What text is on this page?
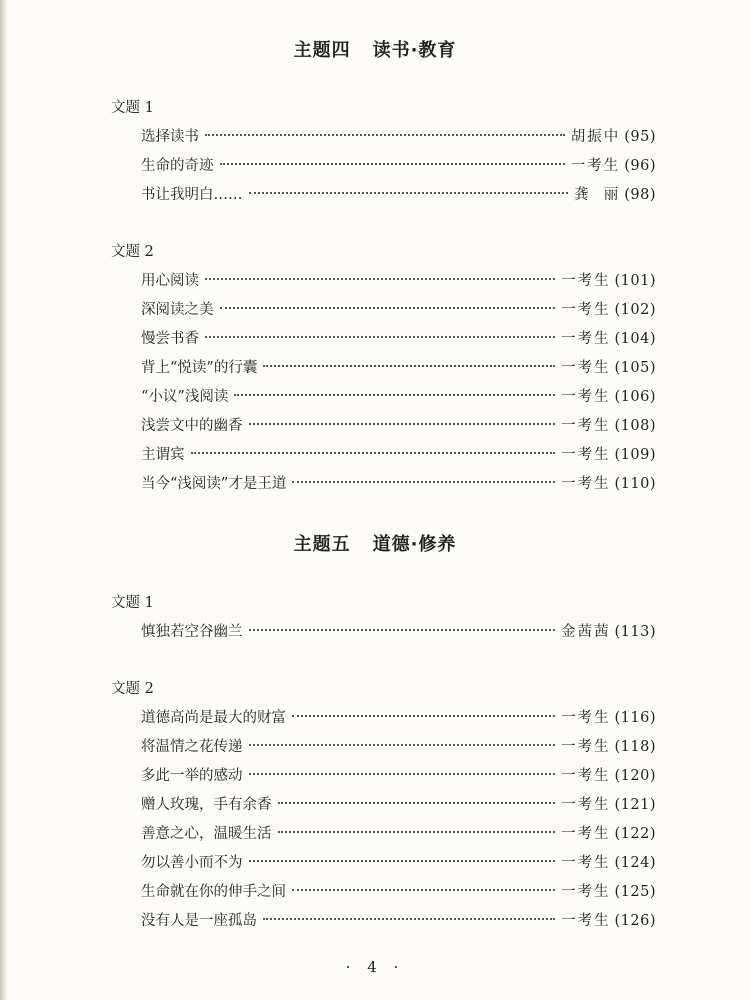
主题四 读书·教育
文题 1
选择读书	胡振中 (95)
生命的奇迹	一考生 (96)
书让我明白……	龚  丽 (98)
文题 2
用心阅读	一考生 (101)
深阅读之美	一考生 (102)
慢尝书香	一考生 (104)
背上“悦读”的行囊	一考生 (105)
“小议”浅阅读	一考生 (106)
浅尝文中的幽香	一考生 (108)
主谓宾	一考生 (109)
当今“浅阅读”才是王道	一考生 (110)
主题五 道德·修养
文题 1
慎独若空谷幽兰	金茜茜 (113)
文题 2
道德高尚是最大的财富	一考生 (116)
将温情之花传递	一考生 (118)
多此一举的感动	一考生 (120)
赠人玫瑰，手有余香	一考生 (121)
善意之心，温暖生活	一考生 (122)
勿以善小而不为	一考生 (124)
生命就在你的伸手之间	一考生 (125)
没有人是一座孤岛	一考生 (126)
· 4 ·
